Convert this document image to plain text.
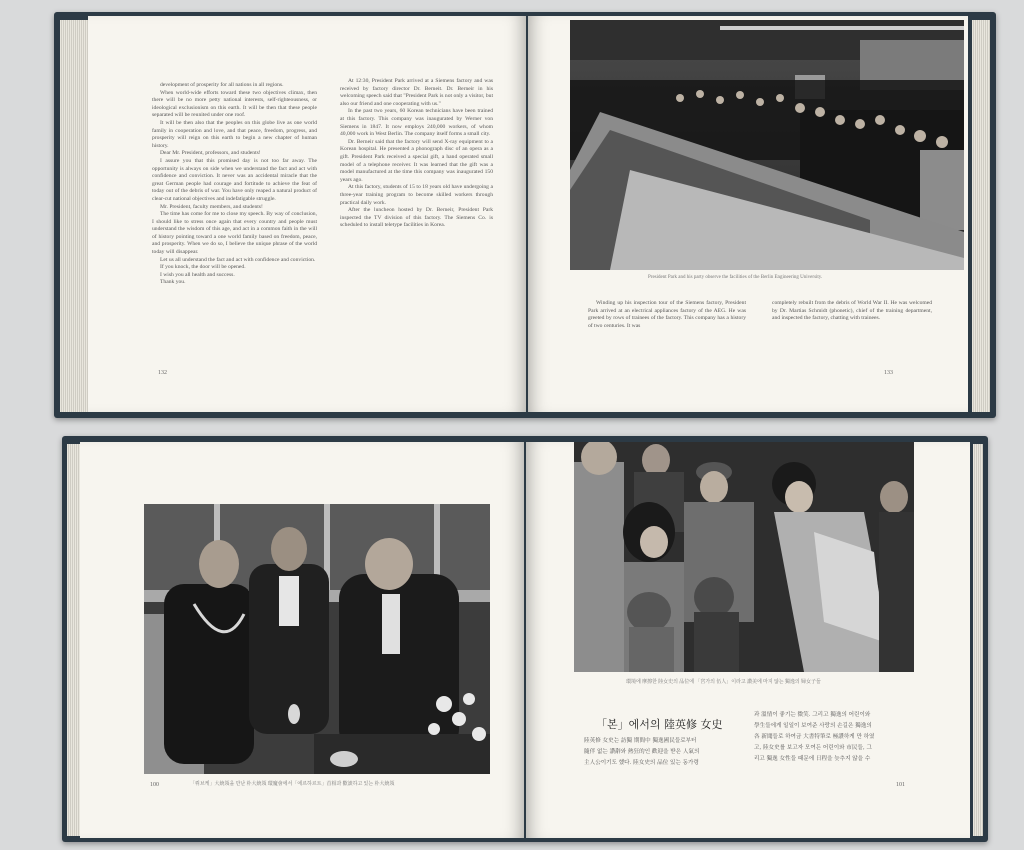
development of prosperity for all nations in all regions.

When world-wide efforts toward these two objectives climax, then there will be no more petty national interests, self-righteousness, or ideological exclusionism on this earth. It will be then that these people separated will be reunited under one roof.

It will be then also that the peoples on this globe live as one world family in cooperation and love, and that peace, freedom, progress, and prosperity will reign on this earth to begin a new chapter of human history.

Dear Mr. President, professors, and students!

I assure you that this promised day is not too far away. The opportunity is always on side when we understand the fact and act with confidence and conviction. It never was an accidental miracle that the great German people had courage and fortitude to achieve the feat of today out of the debris of war. You have only reaped a natural product of clear-cut national objectives and indefatigable struggle.

Mr. President, faculty members, and students!

The time has come for me to close my speech. By way of conclusion, I should like to stress once again that every country and people must understand the wisdom of this age, and act in a common faith in the will of history pointing toward a one world family based on freedom, peace, and prosperity. When we do so, I believe the unique phrase of the world today will disappear.

Let us all understand the fact and act with confidence and conviction.

If you knock, the door will be opened.

I wish you all health and success.

Thank you.

At 12:30, President Park arrived at a Siemens factory and was received by factory director Dr. Berneit. Dr. Berneir in his welcoming speech said that "President Park is not only a visitor, but also our friend and one cooperating with us."

In the past two years, 60 Korean technicians have been trained at this factory. This company was inaugurated by Werner von Siemens in 1847. It now employs 240,000 workers, of whom 40,000 work in West Berlin. The company itself forms a small city.

Dr. Berneir said that the factory will send X-ray equipment to a Korean hospital. He presented a phonograph disc of an opera as a gift. President Park received a special gift, a hand operated small model of a telephone receiver. It was learned that the gift was a model manufactured at the time this company was inaugurated 150 years ago.

At this factory, students of 15 to 18 years old have undergoing a three-year training program to become skilled workers through practical daily work.

After the luncheon hosted by Dr. Berneir, President Park inspected the TV division of this factory. The Siemens Co. is scheduled to install teletype facilities in Korea.

132
President Park and his party observe the facilities of the Berlin Engineering University.

Winding up his inspection tour of the Siemens factory, President Park arrived at an electrical appliances factory of the AEG. He was greeted by rows of trainees of the factory. This company has a history of two centuries. It was

completely rebuilt from the debris of World War II. He was welcomed by Dr. Martias Schmidt (phonetic), chief of the training department, and inspected the factory, chatting with trainees.

133
「뤼브케」大統領을 만난 朴大統領 環魔會에서「에르하르트」首相과 歡談하고 있는 朴大統領
100
環境에 摩擦한 陸女史의 品位에 「宮가의 伍人」이라고 讚美에 마지 않는 獨逸의 婦女子들
「본」에서의 陸英修 女史

陸英修 女史는 訪獨 期間中 獨逸國民들로부터

隨伴 없는 讚辭와 熱狂的인 歡迎을 받은 人氣의

主人公이기도 했다. 陸女史의 品位 있는 동가령

과 溫情이 좋기는 微笑. 그리고 獨逸의 어린이와

學生들에게 일일이 보여준 사랑의 손길은 獨逸의

各 新聞들로 하여금 大書特筆로 極讚하게 만 하였

고, 陸女史를 보고자 모여든 어린이와 市民들, 그

리고 獨逸 女性들 때문에 日程을 늦추지 않을 수

101
